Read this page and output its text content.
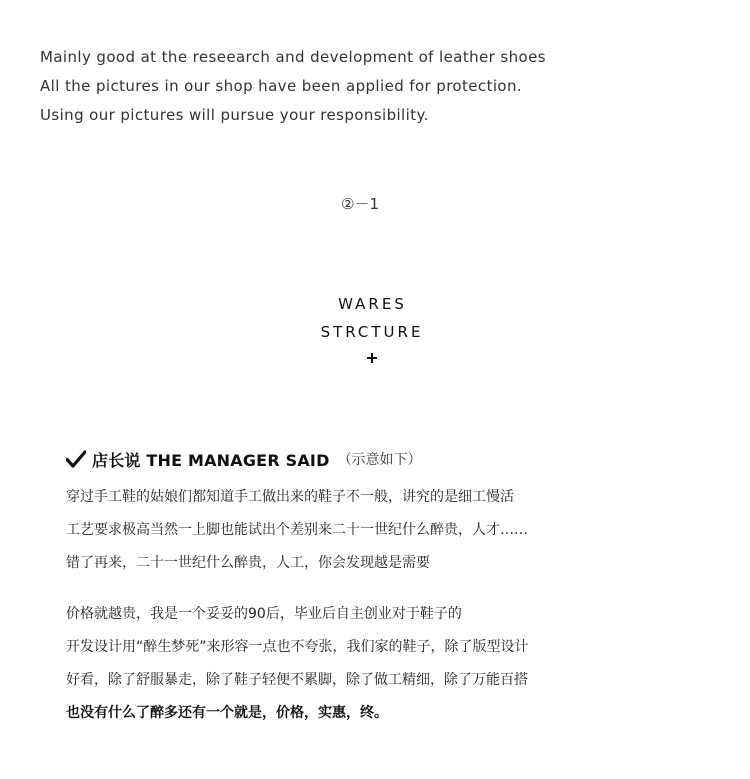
Mainly good at the reseearch and development of leather shoes
All the pictures in our shop have been applied for protection.
Using our pictures will pursue your responsibility.
②－1
WARES
STRCTURE
店长说 THE MANAGER SAID （示意如下）
穿过手工鞋的姑娘们都知道手工做出来的鞋子不一般，讲究的是细工慢活
工艺要求极高当然一上脚也能试出个差别来二十一世纪什么醉贵，人才……
错了再来，二十一世纪什么醉贵，人工，你会发现越是需要
价格就越贵，我是一个妥妥的90后，毕业后自主创业对于鞋子的
开发设计用“醉生梦死”来形容一点也不夸张，我们家的鞋子，除了版型设计
好看，除了舒服暴走，除了鞋子轻便不累脚，除了做工精细，除了万能百搭
也没有什么了醉多还有一个就是，价格，实惠，终。
